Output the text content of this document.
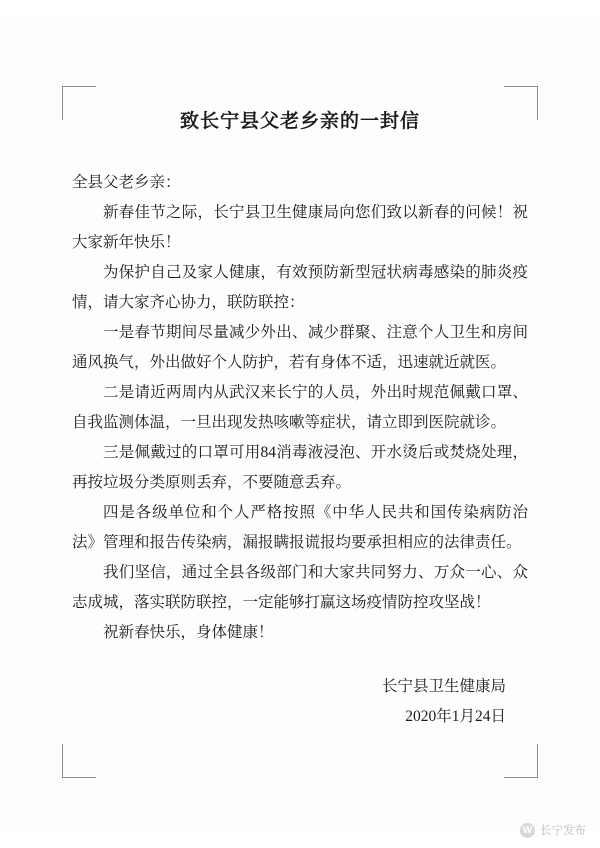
致长宁县父老乡亲的一封信

全县父老乡亲：

新春佳节之际，长宁县卫生健康局向您们致以新春的问候！祝大家新年快乐！

为保护自己及家人健康，有效预防新型冠状病毒感染的肺炎疫情，请大家齐心协力，联防联控：

一是春节期间尽量减少外出、减少群聚、注意个人卫生和房间通风换气，外出做好个人防护，若有身体不适，迅速就近就医。

二是请近两周内从武汉来长宁的人员，外出时规范佩戴口罩、自我监测体温，一旦出现发热咳嗽等症状，请立即到医院就诊。

三是佩戴过的口罩可用84消毒液浸泡、开水烫后或焚烧处理，再按垃圾分类原则丢弃，不要随意丢弃。

四是各级单位和个人严格按照《中华人民共和国传染病防治法》管理和报告传染病，漏报瞒报谎报均要承担相应的法律责任。

我们坚信，通过全县各级部门和大家共同努力、万众一心、众志成城，落实联防联控，一定能够打赢这场疫情防控攻坚战！

祝新春快乐，身体健康！

长宁县卫生健康局
2020年1月24日
W 长宁发布
